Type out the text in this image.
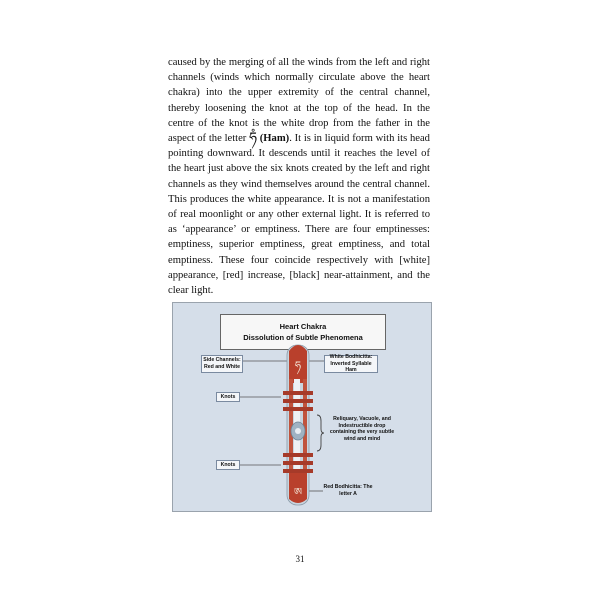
caused by the merging of all the winds from the left and right channels (winds which normally circulate above the heart chakra) into the upper extremity of the central channel, thereby loosening the knot at the top of the head. In the centre of the knot is the white drop from the father in the aspect of the letter ཧཾ (Ham). It is in liquid form with its head pointing downward. It descends until it reaches the level of the heart just above the six knots created by the left and right channels as they wind themselves around the central channel. This produces the white appearance. It is not a manifestation of real moonlight or any other external light. It is referred to as ‘appearance’ or emptiness. There are four emptinesses: emptiness, superior emptiness, great emptiness, and total emptiness. These four coincide respectively with [white] appearance, [red] increase, [black] near-attainment, and the clear light.

Heart Chakra
Dissolution of Subtle Phenomena
ཧ
ཨ
Side Channels: Red and White
White Bodhicitta: Inverted Syllable Ham
Knots
Reliquary, Vacuole, and Indestructible drop containing the very subtle wind and mind
Knots
Red Bodhicitta: The letter A
31
